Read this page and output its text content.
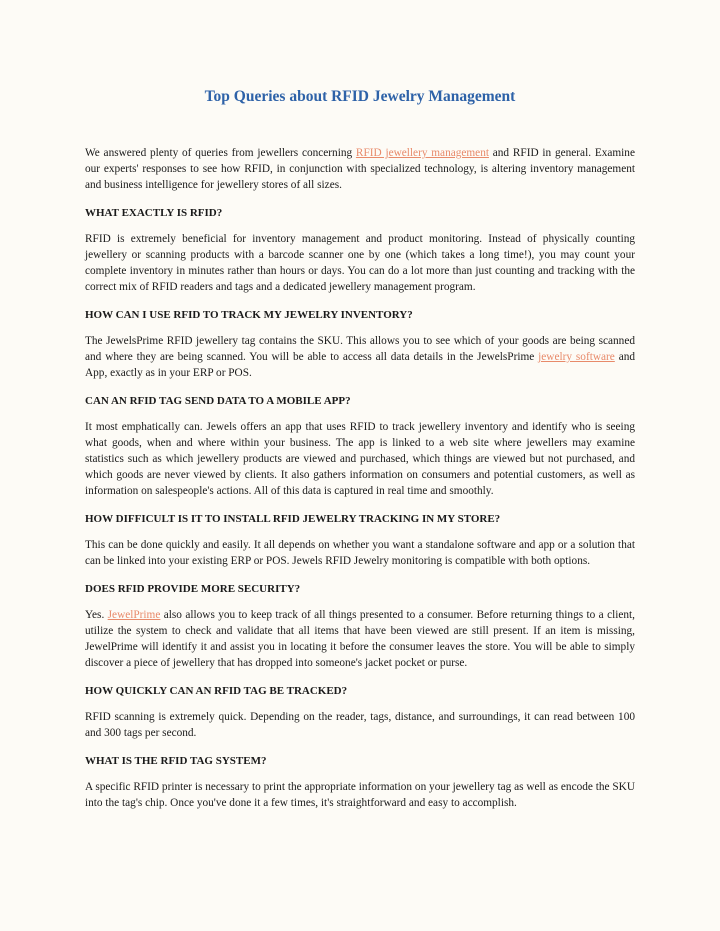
Top Queries about RFID Jewelry Management

We answered plenty of queries from jewellers concerning RFID jewellery management and RFID in general. Examine our experts' responses to see how RFID, in conjunction with specialized technology, is altering inventory management and business intelligence for jewellery stores of all sizes.

WHAT EXACTLY IS RFID?

RFID is extremely beneficial for inventory management and product monitoring. Instead of physically counting jewellery or scanning products with a barcode scanner one by one (which takes a long time!), you may count your complete inventory in minutes rather than hours or days. You can do a lot more than just counting and tracking with the correct mix of RFID readers and tags and a dedicated jewellery management program.

HOW CAN I USE RFID TO TRACK MY JEWELRY INVENTORY?

The JewelsPrime RFID jewellery tag contains the SKU. This allows you to see which of your goods are being scanned and where they are being scanned. You will be able to access all data details in the JewelsPrime jewelry software and App, exactly as in your ERP or POS.

CAN AN RFID TAG SEND DATA TO A MOBILE APP?

It most emphatically can. Jewels offers an app that uses RFID to track jewellery inventory and identify who is seeing what goods, when and where within your business. The app is linked to a web site where jewellers may examine statistics such as which jewellery products are viewed and purchased, which things are viewed but not purchased, and which goods are never viewed by clients. It also gathers information on consumers and potential customers, as well as information on salespeople's actions. All of this data is captured in real time and smoothly.

HOW DIFFICULT IS IT TO INSTALL RFID JEWELRY TRACKING IN MY STORE?

This can be done quickly and easily. It all depends on whether you want a standalone software and app or a solution that can be linked into your existing ERP or POS. Jewels RFID Jewelry monitoring is compatible with both options.

DOES RFID PROVIDE MORE SECURITY?

Yes. JewelPrime also allows you to keep track of all things presented to a consumer. Before returning things to a client, utilize the system to check and validate that all items that have been viewed are still present. If an item is missing, JewelPrime will identify it and assist you in locating it before the consumer leaves the store. You will be able to simply discover a piece of jewellery that has dropped into someone's jacket pocket or purse.

HOW QUICKLY CAN AN RFID TAG BE TRACKED?

RFID scanning is extremely quick. Depending on the reader, tags, distance, and surroundings, it can read between 100 and 300 tags per second.

WHAT IS THE RFID TAG SYSTEM?

A specific RFID printer is necessary to print the appropriate information on your jewellery tag as well as encode the SKU into the tag's chip. Once you've done it a few times, it's straightforward and easy to accomplish.
